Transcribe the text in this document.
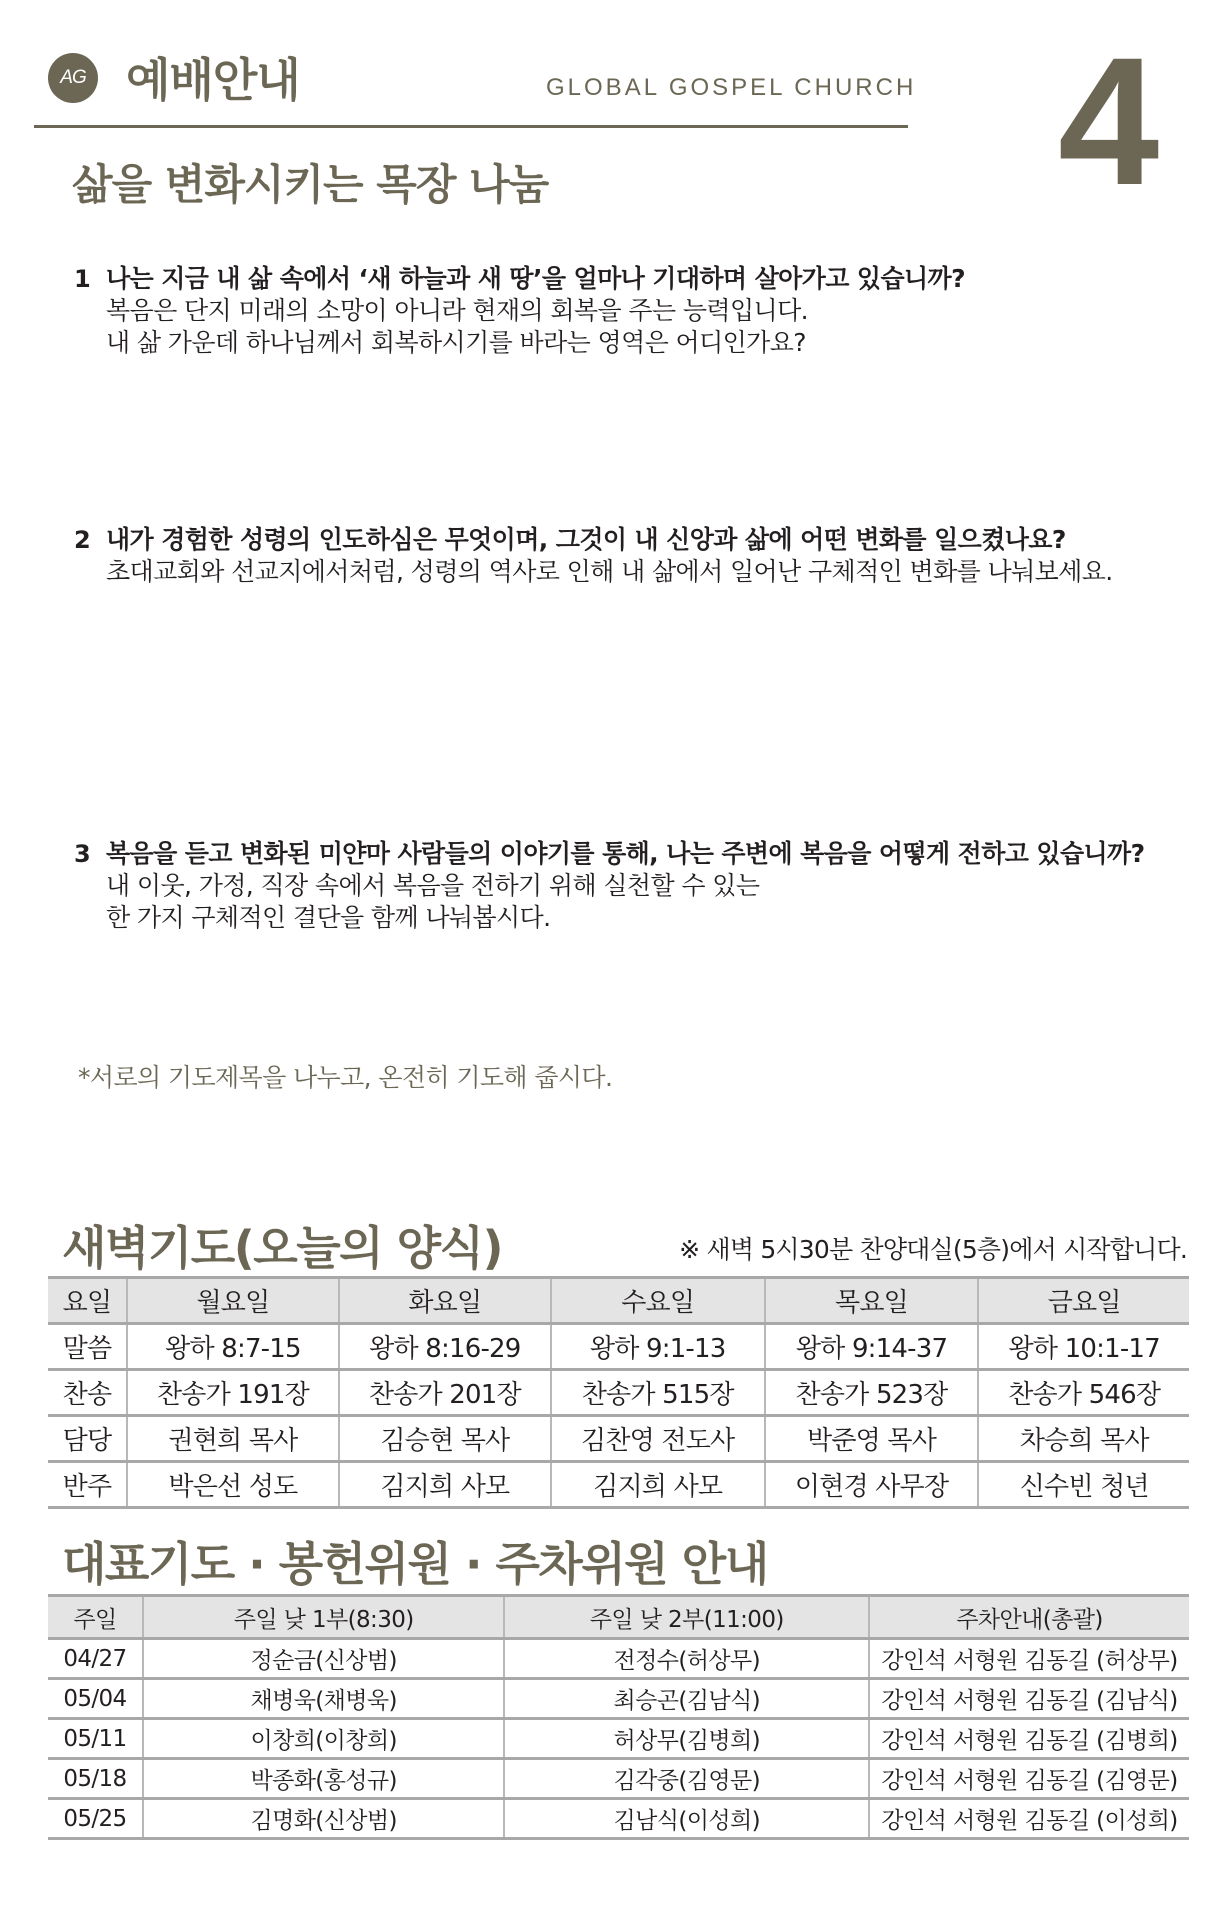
AG 예배안내	GLOBAL GOSPEL CHURCH 4
삶을 변화시키는 목장 나눔
1 나는 지금 내 삶 속에서 ‘새 하늘과 새 땅’을 얼마나 기대하며 살아가고 있습니까?
복음은 단지 미래의 소망이 아니라 현재의 회복을 주는 능력입니다.
내 삶 가운데 하나님께서 회복하시기를 바라는 영역은 어디인가요?
2 내가 경험한 성령의 인도하심은 무엇이며, 그것이 내 신앙과 삶에 어떤 변화를 일으켰나요?
초대교회와 선교지에서처럼, 성령의 역사로 인해 내 삶에서 일어난 구체적인 변화를 나눠보세요.
3 복음을 듣고 변화된 미얀마 사람들의 이야기를 통해, 나는 주변에 복음을 어떻게 전하고 있습니까?
내 이웃, 가정, 직장 속에서 복음을 전하기 위해 실천할 수 있는
한 가지 구체적인 결단을 함께 나눠봅시다.
*서로의 기도제목을 나누고, 온전히 기도해 줍시다.
새벽기도(오늘의 양식)	※ 새벽 5시30분 찬양대실(5층)에서 시작합니다.
요일	월요일	화요일	수요일	목요일	금요일
말씀	왕하 8:7-15	왕하 8:16-29	왕하 9:1-13	왕하 9:14-37	왕하 10:1-17
찬송	찬송가 191장	찬송가 201장	찬송가 515장	찬송가 523장	찬송가 546장
담당	권현희 목사	김승현 목사	김찬영 전도사	박준영 목사	차승희 목사
반주	박은선 성도	김지희 사모	김지희 사모	이현경 사무장	신수빈 청년
대표기도 · 봉헌위원 · 주차위원 안내
주일	주일 낮 1부(8:30)	주일 낮 2부(11:00)	주차안내(총괄)
04/27	정순금(신상범)	전정수(허상무)	강인석 서형원 김동길 (허상무)
05/04	채병욱(채병욱)	최승곤(김남식)	강인석 서형원 김동길 (김남식)
05/11	이창희(이창희)	허상무(김병희)	강인석 서형원 김동길 (김병희)
05/18	박종화(홍성규)	김각중(김영문)	강인석 서형원 김동길 (김영문)
05/25	김명화(신상범)	김남식(이성희)	강인석 서형원 김동길 (이성희)
